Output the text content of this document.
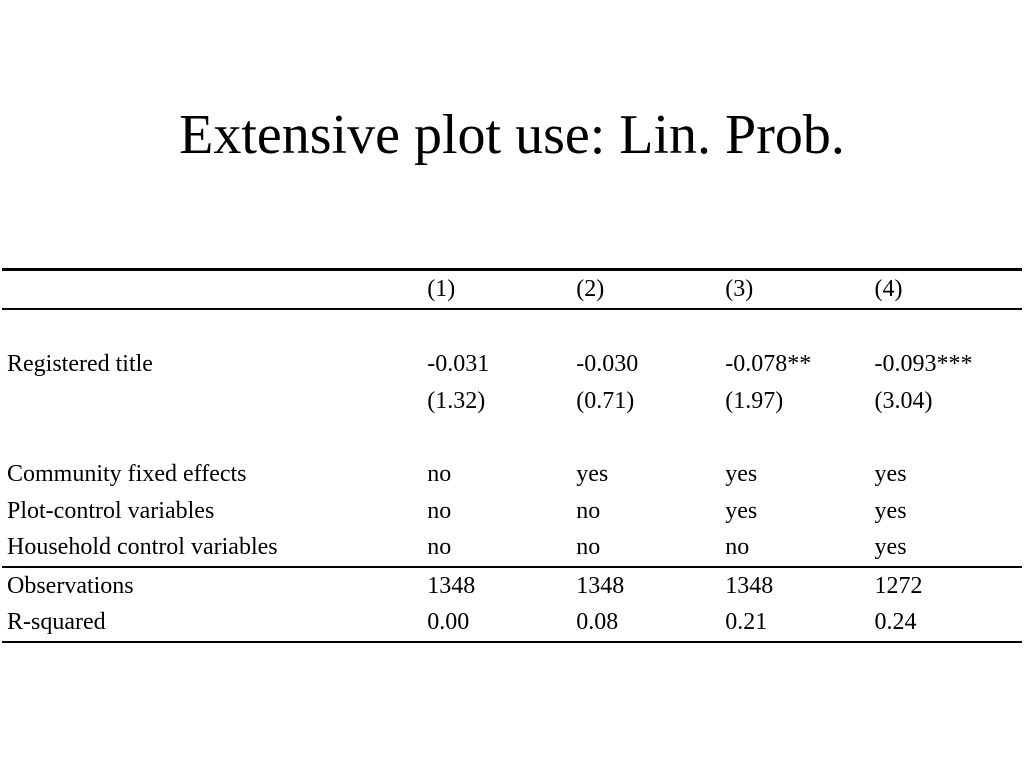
Extensive plot use: Lin. Prob.
	(1)	(2)	(3)	(4)

Registered title	-0.031	-0.030	-0.078**	-0.093***
	(1.32)	(0.71)	(1.97)	(3.04)

Community fixed effects	no	yes	yes	yes
Plot-control variables	no	no	yes	yes
Household control variables	no	no	no	yes
Observations	1348	1348	1348	1272
R-squared	0.00	0.08	0.21	0.24
